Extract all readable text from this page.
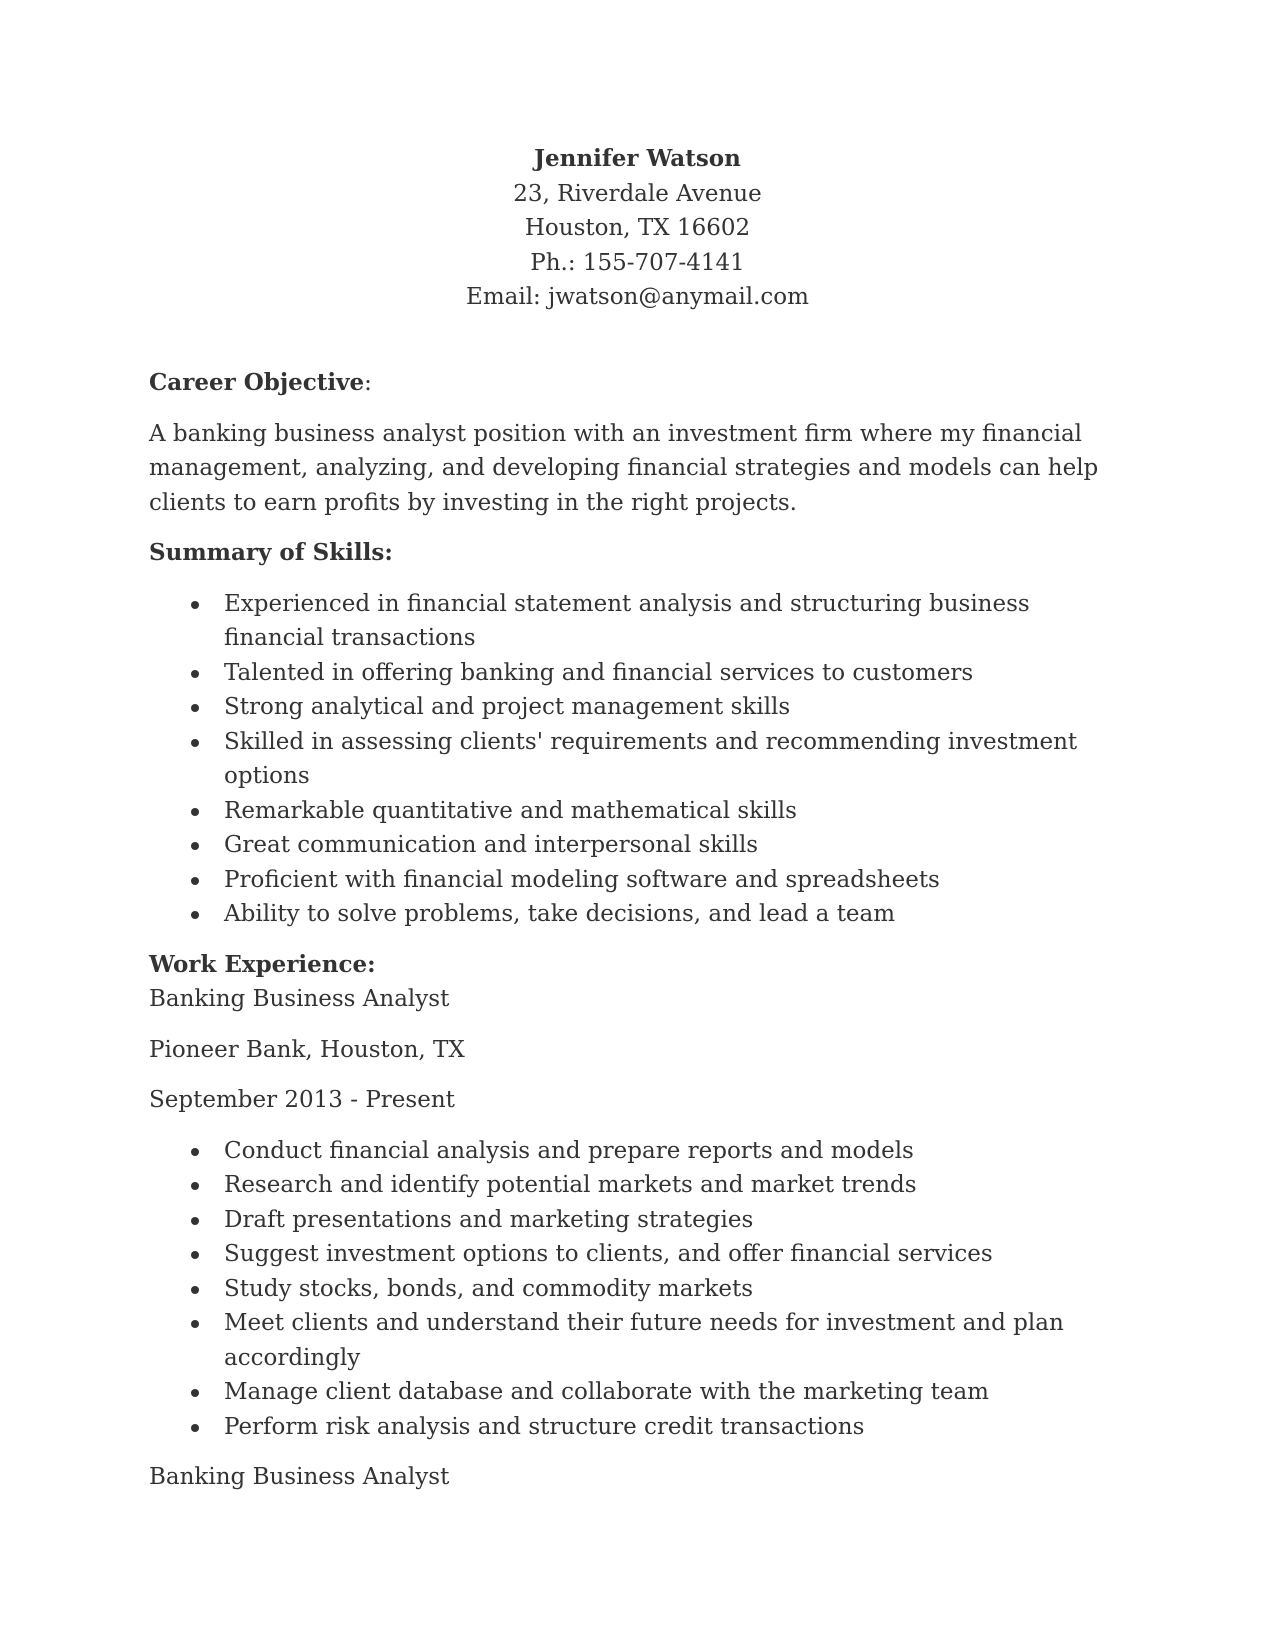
Jennifer Watson
23, Riverdale Avenue
Houston, TX 16602
Ph.: 155-707-4141
Email: jwatson@anymail.com
Career Objective:

A banking business analyst position with an investment firm where my financial management, analyzing, and developing financial strategies and models can help clients to earn profits by investing in the right projects.

Summary of Skills:
Experienced in financial statement analysis and structuring business financial transactions
Talented in offering banking and financial services to customers
Strong analytical and project management skills
Skilled in assessing clients' requirements and recommending investment options
Remarkable quantitative and mathematical skills
Great communication and interpersonal skills
Proficient with financial modeling software and spreadsheets
Ability to solve problems, take decisions, and lead a team
Work Experience:
Banking Business Analyst
Pioneer Bank, Houston, TX
September 2013 - Present
Conduct financial analysis and prepare reports and models
Research and identify potential markets and market trends
Draft presentations and marketing strategies
Suggest investment options to clients, and offer financial services
Study stocks, bonds, and commodity markets
Meet clients and understand their future needs for investment and plan accordingly
Manage client database and collaborate with the marketing team
Perform risk analysis and structure credit transactions
Banking Business Analyst
